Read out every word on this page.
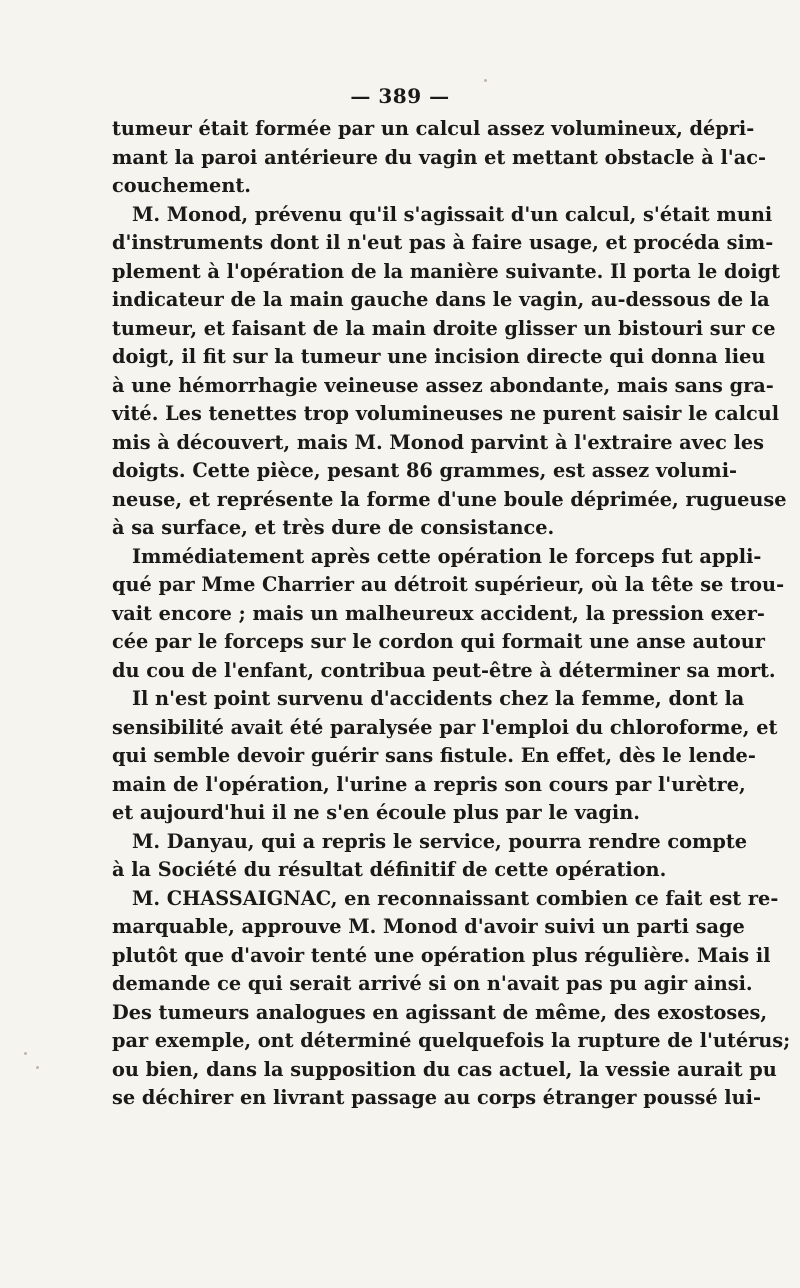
— 389 —
tumeur était formée par un calcul assez volumineux, dépri-
mant la paroi antérieure du vagin et mettant obstacle à l'ac-
couchement.
M. Monod, prévenu qu'il s'agissait d'un calcul, s'était muni
d'instruments dont il n'eut pas à faire usage, et procéda sim-
plement à l'opération de la manière suivante. Il porta le doigt
indicateur de la main gauche dans le vagin, au-dessous de la
tumeur, et faisant de la main droite glisser un bistouri sur ce
doigt, il fit sur la tumeur une incision directe qui donna lieu
à une hémorrhagie veineuse assez abondante, mais sans gra-
vité. Les tenettes trop volumineuses ne purent saisir le calcul
mis à découvert, mais M. Monod parvint à l'extraire avec les
doigts. Cette pièce, pesant 86 grammes, est assez volumi-
neuse, et représente la forme d'une boule déprimée, rugueuse
à sa surface, et très dure de consistance.
Immédiatement après cette opération le forceps fut appli-
qué par Mme Charrier au détroit supérieur, où la tête se trou-
vait encore ; mais un malheureux accident, la pression exer-
cée par le forceps sur le cordon qui formait une anse autour
du cou de l'enfant, contribua peut-être à déterminer sa mort.
Il n'est point survenu d'accidents chez la femme, dont la
sensibilité avait été paralysée par l'emploi du chloroforme, et
qui semble devoir guérir sans fistule. En effet, dès le lende-
main de l'opération, l'urine a repris son cours par l'urètre,
et aujourd'hui il ne s'en écoule plus par le vagin.
M. Danyau, qui a repris le service, pourra rendre compte
à la Société du résultat définitif de cette opération.
M. CHASSAIGNAC, en reconnaissant combien ce fait est re-
marquable, approuve M. Monod d'avoir suivi un parti sage
plutôt que d'avoir tenté une opération plus régulière. Mais il
demande ce qui serait arrivé si on n'avait pas pu agir ainsi.
Des tumeurs analogues en agissant de même, des exostoses,
par exemple, ont déterminé quelquefois la rupture de l'utérus;
ou bien, dans la supposition du cas actuel, la vessie aurait pu
se déchirer en livrant passage au corps étranger poussé lui-
